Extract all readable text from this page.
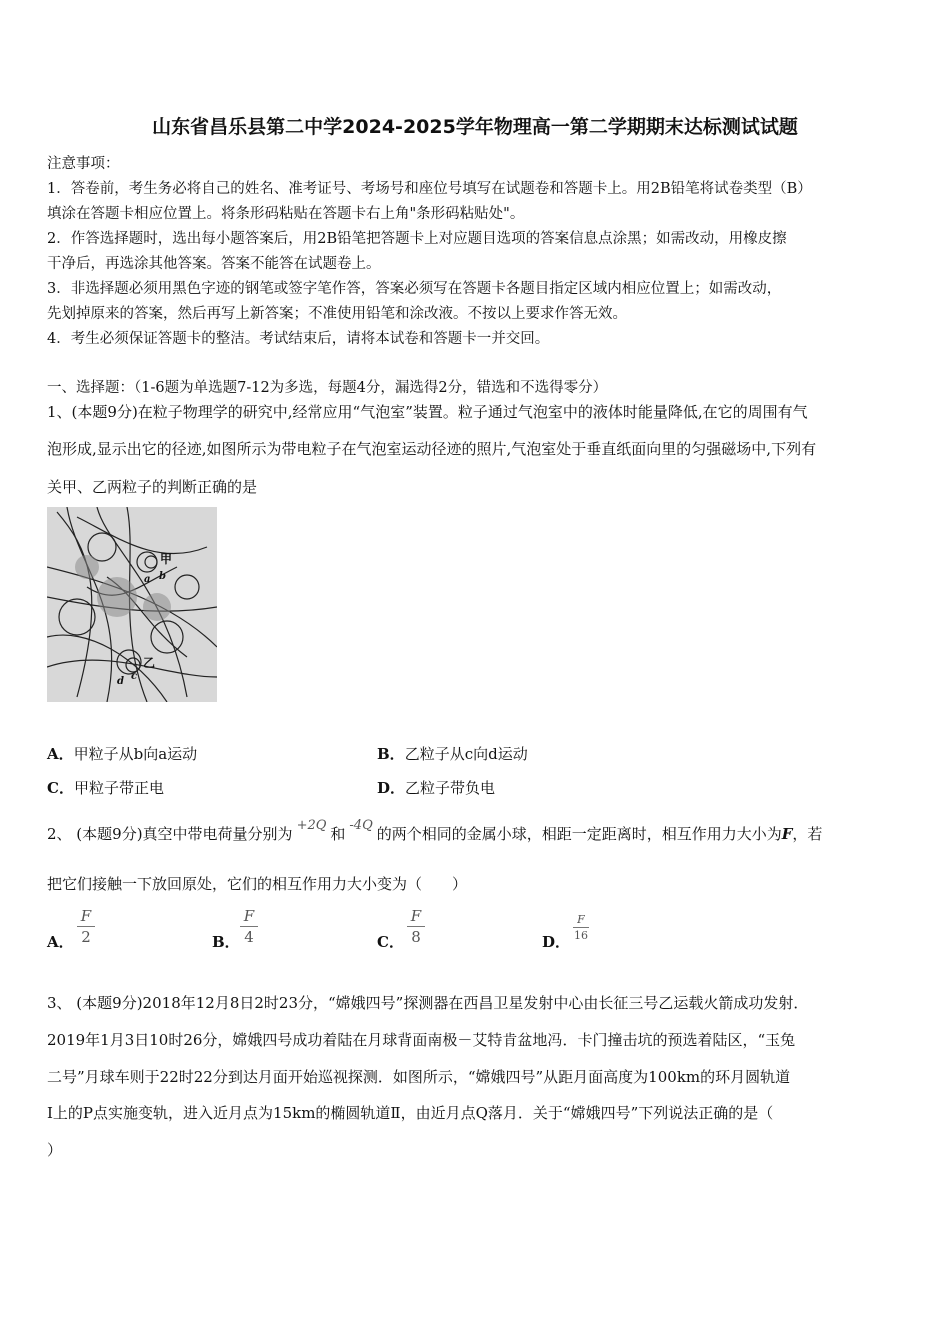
山东省昌乐县第二中学2024-2025学年物理高一第二学期期末达标测试试题
注意事项：
1．答卷前，考生务必将自己的姓名、准考证号、考场号和座位号填写在试题卷和答题卡上。用2B铅笔将试卷类型（B）
填涂在答题卡相应位置上。将条形码粘贴在答题卡右上角"条形码粘贴处"。
2．作答选择题时，选出每小题答案后，用2B铅笔把答题卡上对应题目选项的答案信息点涂黑；如需改动，用橡皮擦
干净后，再选涂其他答案。答案不能答在试题卷上。
3．非选择题必须用黑色字迹的钢笔或签字笔作答，答案必须写在答题卡各题目指定区域内相应位置上；如需改动，
先划掉原来的答案，然后再写上新答案；不准使用铅笔和涂改液。不按以上要求作答无效。
4．考生必须保证答题卡的整洁。考试结束后，请将本试卷和答题卡一并交回。
一、选择题：（1-6题为单选题7-12为多选，每题4分，漏选得2分，错选和不选得零分）
1、(本题9分)在粒子物理学的研究中,经常应用“气泡室”装置。粒子通过气泡室中的液体时能量降低,在它的周围有气
泡形成,显示出它的径迹,如图所示为带电粒子在气泡室运动径迹的照片,气泡室处于垂直纸面向里的匀强磁场中,下列有
关甲、乙两粒子的判断正确的是
甲
b
a
乙
c
d
A．甲粒子从b向a运动	B．乙粒子从c向d运动
C．甲粒子带正电	D．乙粒子带负电
2、 (本题9分)真空中带电荷量分别为 +2Q 和 -4Q 的两个相同的金属小球，相距一定距离时，相互作用力大小为F，若
把它们接触一下放回原处，它们的相互作用力大小变为（　　）
A．
F
2	B．
F
4	C．
F
8	D．
F
16
3、 (本题9分)2018年12月8日2时23分，“嫦娥四号”探测器在西昌卫星发射中心由长征三号乙运载火箭成功发射．
2019年1月3日10时26分，嫦娥四号成功着陆在月球背面南极－艾特肯盆地冯．卡门撞击坑的预选着陆区，“玉兔
二号”月球车则于22时22分到达月面开始巡视探测．如图所示，“嫦娥四号”从距月面高度为100km的环月圆轨道
Ⅰ上的P点实施变轨，进入近月点为15km的椭圆轨道Ⅱ，由近月点Q落月．关于“嫦娥四号”下列说法正确的是（
）
